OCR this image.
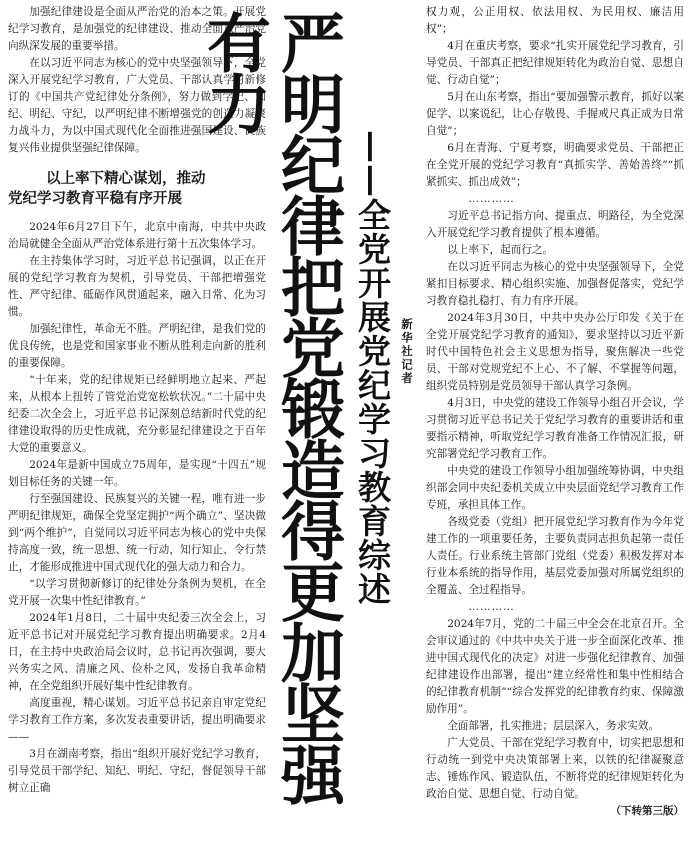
加强纪律建设是全面从严治党的治本之策。开展党纪学习教育，是加强党的纪律建设、推动全面从严治党向纵深发展的重要举措。

在以习近平同志为核心的党中央坚强领导下，全党深入开展党纪学习教育，广大党员、干部认真学习新修订的《中国共产党纪律处分条例》，努力做到学纪、知纪、明纪、守纪，以严明纪律不断增强党的创造力凝聚力战斗力，为以中国式现代化全面推进强国建设、民族复兴伟业提供坚强纪律保障。

以上率下精心谋划，推动
党纪学习教育平稳有序开展

2024年6月27日下午，北京中南海，中共中央政治局就健全全面从严治党体系进行第十五次集体学习。

在主持集体学习时，习近平总书记强调，以正在开展的党纪学习教育为契机，引导党员、干部把增强党性、严守纪律、砥砺作风贯通起来，融入日常、化为习惯。

加强纪律性，革命无不胜。严明纪律，是我们党的优良传统，也是党和国家事业不断从胜利走向新的胜利的重要保障。

“十年来，党的纪律规矩已经鲜明地立起来、严起来，从根本上扭转了管党治党宽松软状况。”二十届中央纪委二次全会上，习近平总书记深刻总结新时代党的纪律建设取得的历史性成就，充分彰显纪律建设之于百年大党的重要意义。

2024年是新中国成立75周年，是实现“十四五”规划目标任务的关键一年。

行至强国建设、民族复兴的关键一程，唯有进一步严明纪律规矩，确保全党坚定拥护“两个确立”、坚决做到“两个维护”，自觉同以习近平同志为核心的党中央保持高度一致，统一思想、统一行动，知行知止、令行禁止，才能形成推进中国式现代化的强大动力和合力。

“以学习贯彻新修订的纪律处分条例为契机，在全党开展一次集中性纪律教育。”

2024年1月8日，二十届中央纪委三次全会上，习近平总书记对开展党纪学习教育提出明确要求。2月4日，在主持中央政治局会议时，总书记再次强调，要大兴务实之风、清廉之风、俭朴之风，发扬自我革命精神，在全党组织开展好集中性纪律教育。

高度重视，精心谋划。习近平总书记亲自审定党纪学习教育工作方案，多次发表重要讲话，提出明确要求——

3月在湖南考察，指出“组织开展好党纪学习教育，引导党员干部学纪、知纪、明纪、守纪，督促领导干部树立正确	严明纪律把党锻造得更加坚强有力
——全党开展党纪学习教育综述 新华社记者

权力观，公正用权、依法用权、为民用权、廉洁用权”；

4月在重庆考察，要求“扎实开展党纪学习教育，引导党员、干部真正把纪律规矩转化为政治自觉、思想自觉、行动自觉”；

5月在山东考察，指出“要加强警示教育，抓好以案促学、以案说纪，让心存敬畏、手握戒尺真正成为日常自觉”；

6月在青海、宁夏考察，明确要求党员、干部把正在全党开展的党纪学习教育“真抓实学、善始善终”“抓紧抓实、抓出成效”；

…………

习近平总书记指方向、提重点、明路径，为全党深入开展党纪学习教育提供了根本遵循。

以上率下，起而行之。

在以习近平同志为核心的党中央坚强领导下，全党紧扣目标要求、精心组织实施、加强督促落实，党纪学习教育稳扎稳打、有力有序开展。

2024年3月30日，中共中央办公厅印发《关于在全党开展党纪学习教育的通知》，要求坚持以习近平新时代中国特色社会主义思想为指导，聚焦解决一些党员、干部对党规党纪不上心、不了解、不掌握等问题，组织党员特别是党员领导干部认真学习条例。

4月3日，中央党的建设工作领导小组召开会议，学习贯彻习近平总书记关于党纪学习教育的重要讲话和重要指示精神，听取党纪学习教育准备工作情况汇报，研究部署党纪学习教育工作。

中央党的建设工作领导小组加强统筹协调，中央组织部会同中央纪委机关成立中央层面党纪学习教育工作专班，承担具体工作。

各级党委（党组）把开展党纪学习教育作为今年党建工作的一项重要任务，主要负责同志担负起第一责任人责任。行业系统主管部门党组（党委）积极发挥对本行业本系统的指导作用，基层党委加强对所属党组织的全覆盖、全过程指导。

…………

2024年7月，党的二十届三中全会在北京召开。全会审议通过的《中共中央关于进一步全面深化改革、推进中国式现代化的决定》对进一步强化纪律教育、加强纪律建设作出部署，提出“建立经常性和集中性相结合的纪律教育机制”“综合发挥党的纪律教育约束、保障激励作用”。

全面部署，扎实推进；层层深入，务求实效。

广大党员、干部在党纪学习教育中，切实把思想和行动统一到党中央决策部署上来，以铁的纪律凝聚意志、锤炼作风、锻造队伍，不断将党的纪律规矩转化为政治自觉、思想自觉、行动自觉。

（下转第三版）
